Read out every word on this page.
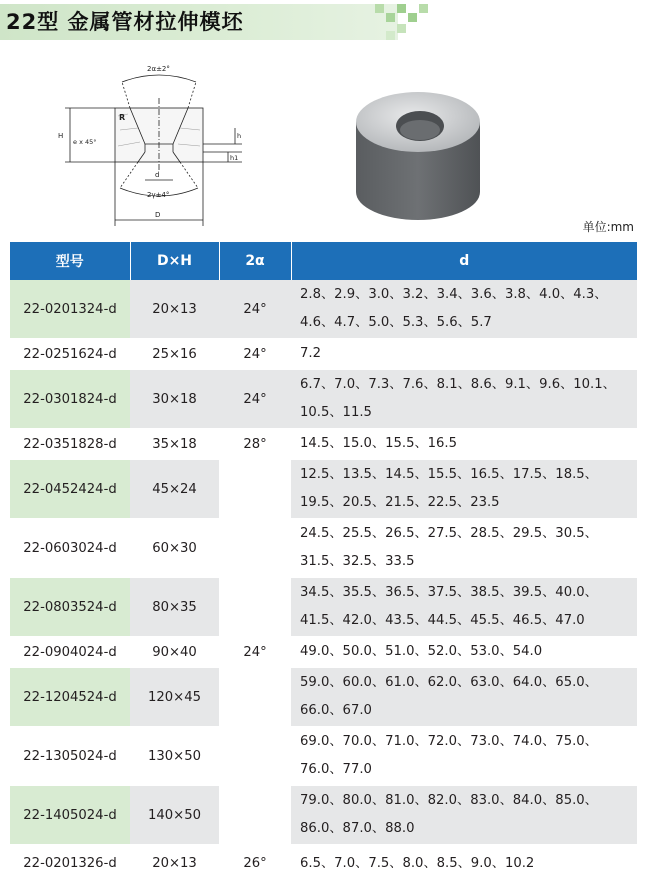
22型 金属管材拉伸模坯
2α±2°
R
H
e x 45°
d
2γ±4°
D
h
h1
单位:mm
型号	D×H	2α	d
22-0201324-d	20×13	24°	2.8、2.9、3.0、3.2、3.4、3.6、3.8、4.0、4.3、4.6、4.7、5.0、5.3、5.6、5.7
22-0251624-d	25×16	24°	7.2
22-0301824-d	30×18	24°	6.7、7.0、7.3、7.6、8.1、8.6、9.1、9.6、10.1、10.5、11.5
22-0351828-d	35×18	28°	14.5、15.0、15.5、16.5
22-0452424-d	45×24	24°	12.5、13.5、14.5、15.5、16.5、17.5、18.5、19.5、20.5、21.5、22.5、23.5
22-0603024-d	60×30		24.5、25.5、26.5、27.5、28.5、29.5、30.5、31.5、32.5、33.5
22-0803524-d	80×35		34.5、35.5、36.5、37.5、38.5、39.5、40.0、41.5、42.0、43.5、44.5、45.5、46.5、47.0
22-0904024-d	90×40		49.0、50.0、51.0、52.0、53.0、54.0
22-1204524-d	120×45		59.0、60.0、61.0、62.0、63.0、64.0、65.0、66.0、67.0
22-1305024-d	130×50		69.0、70.0、71.0、72.0、73.0、74.0、75.0、76.0、77.0
22-1405024-d	140×50		79.0、80.0、81.0、82.0、83.0、84.0、85.0、86.0、87.0、88.0
22-0201326-d	20×13	26°	6.5、7.0、7.5、8.0、8.5、9.0、10.2
